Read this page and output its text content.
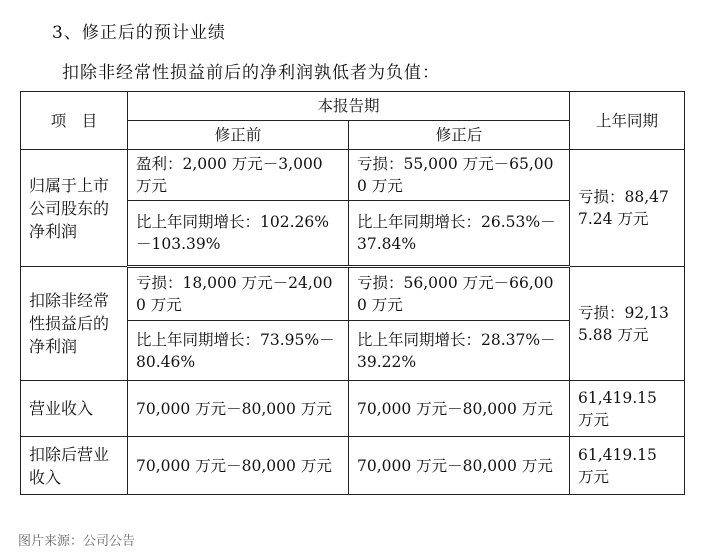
3、修正后的预计业绩
扣除非经常性损益前后的净利润孰低者为负值：
项　目	本报告期		上年同期
	修正前	修正后	
归属于上市公司股东的净利润	盈利：2,000 万元－3,000 万元	亏损：55,000 万元－65,000 万元	亏损：88,477.24 万元
	比上年同期增长：102.26%－103.39%	比上年同期增长：26.53%－37.84%	
扣除非经常性损益后的净利润	亏损：18,000 万元－24,000 万元	亏损：56,000 万元－66,000 万元	亏损：92,135.88 万元
	比上年同期增长：73.95%－80.46%	比上年同期增长：28.37%－39.22%	
营业收入	70,000 万元－80,000 万元	70,000 万元－80,000 万元	61,419.15 万元
扣除后营业收入	70,000 万元－80,000 万元	70,000 万元－80,000 万元	61,419.15 万元
图片来源：公司公告
